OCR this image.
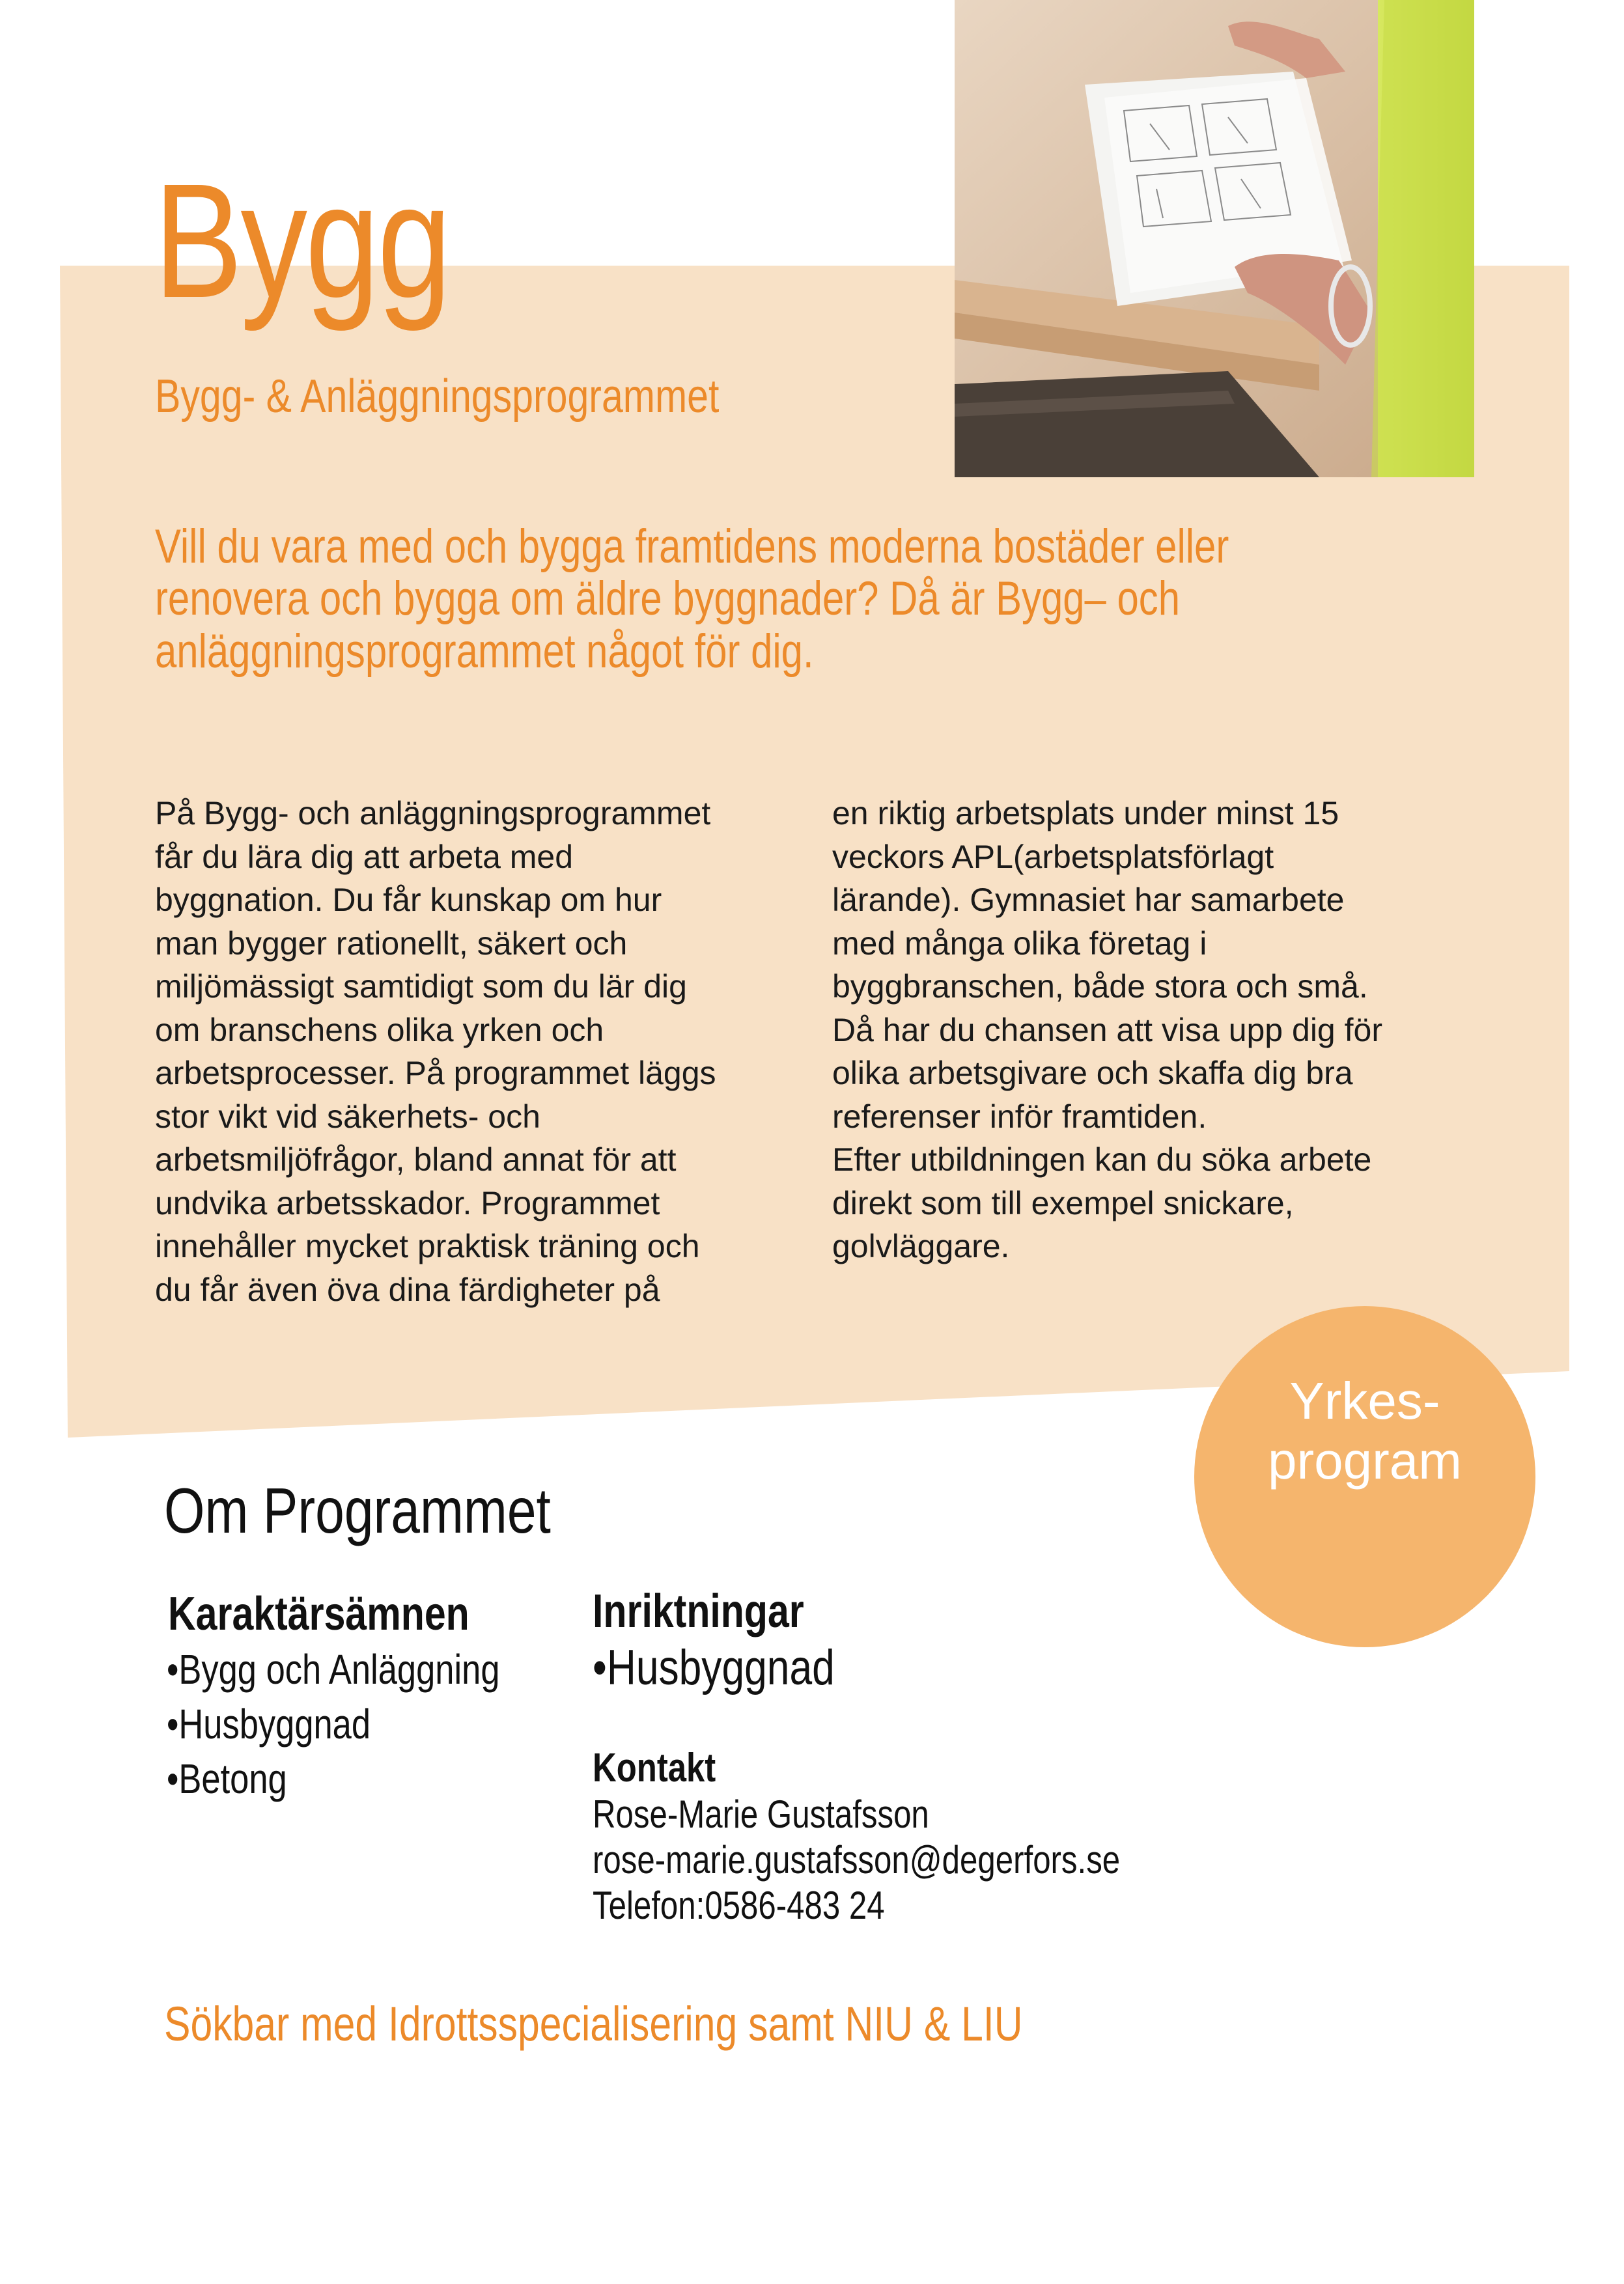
Bygg
Bygg- & Anläggningsprogrammet

Vill du vara med och bygga framtidens moderna bostäder eller
renovera och bygga om äldre byggnader? Då är Bygg– och
anläggningsprogrammet något för dig.

På Bygg- och anläggningsprogrammet
får du lära dig att arbeta med
byggnation. Du får kunskap om hur
man bygger rationellt, säkert och
miljömässigt samtidigt som du lär dig
om branschens olika yrken och
arbetsprocesser. På programmet läggs
stor vikt vid säkerhets- och
arbetsmiljöfrågor, bland annat för att
undvika arbetsskador. Programmet
innehåller mycket praktisk träning och
du får även öva dina färdigheter på

en riktig arbetsplats under minst 15
veckors APL(arbetsplatsförlagt
lärande). Gymnasiet har samarbete
med många olika företag i
byggbranschen, både stora och små.
Då har du chansen att visa upp dig för
olika arbetsgivare och skaffa dig bra
referenser inför framtiden.
Efter utbildningen kan du söka arbete
direkt som till exempel snickare,
golvläggare.

Yrkes-
program

Om Programmet
Karaktärsämnen
• Bygg och Anläggning
• Husbyggnad
• Betong
Inriktningar
• Husbyggnad

Kontakt

Rose-Marie Gustafsson

rose-marie.gustafsson@degerfors.se

Telefon:0586-483 24

Sökbar med Idrottsspecialisering samt NIU & LIU
